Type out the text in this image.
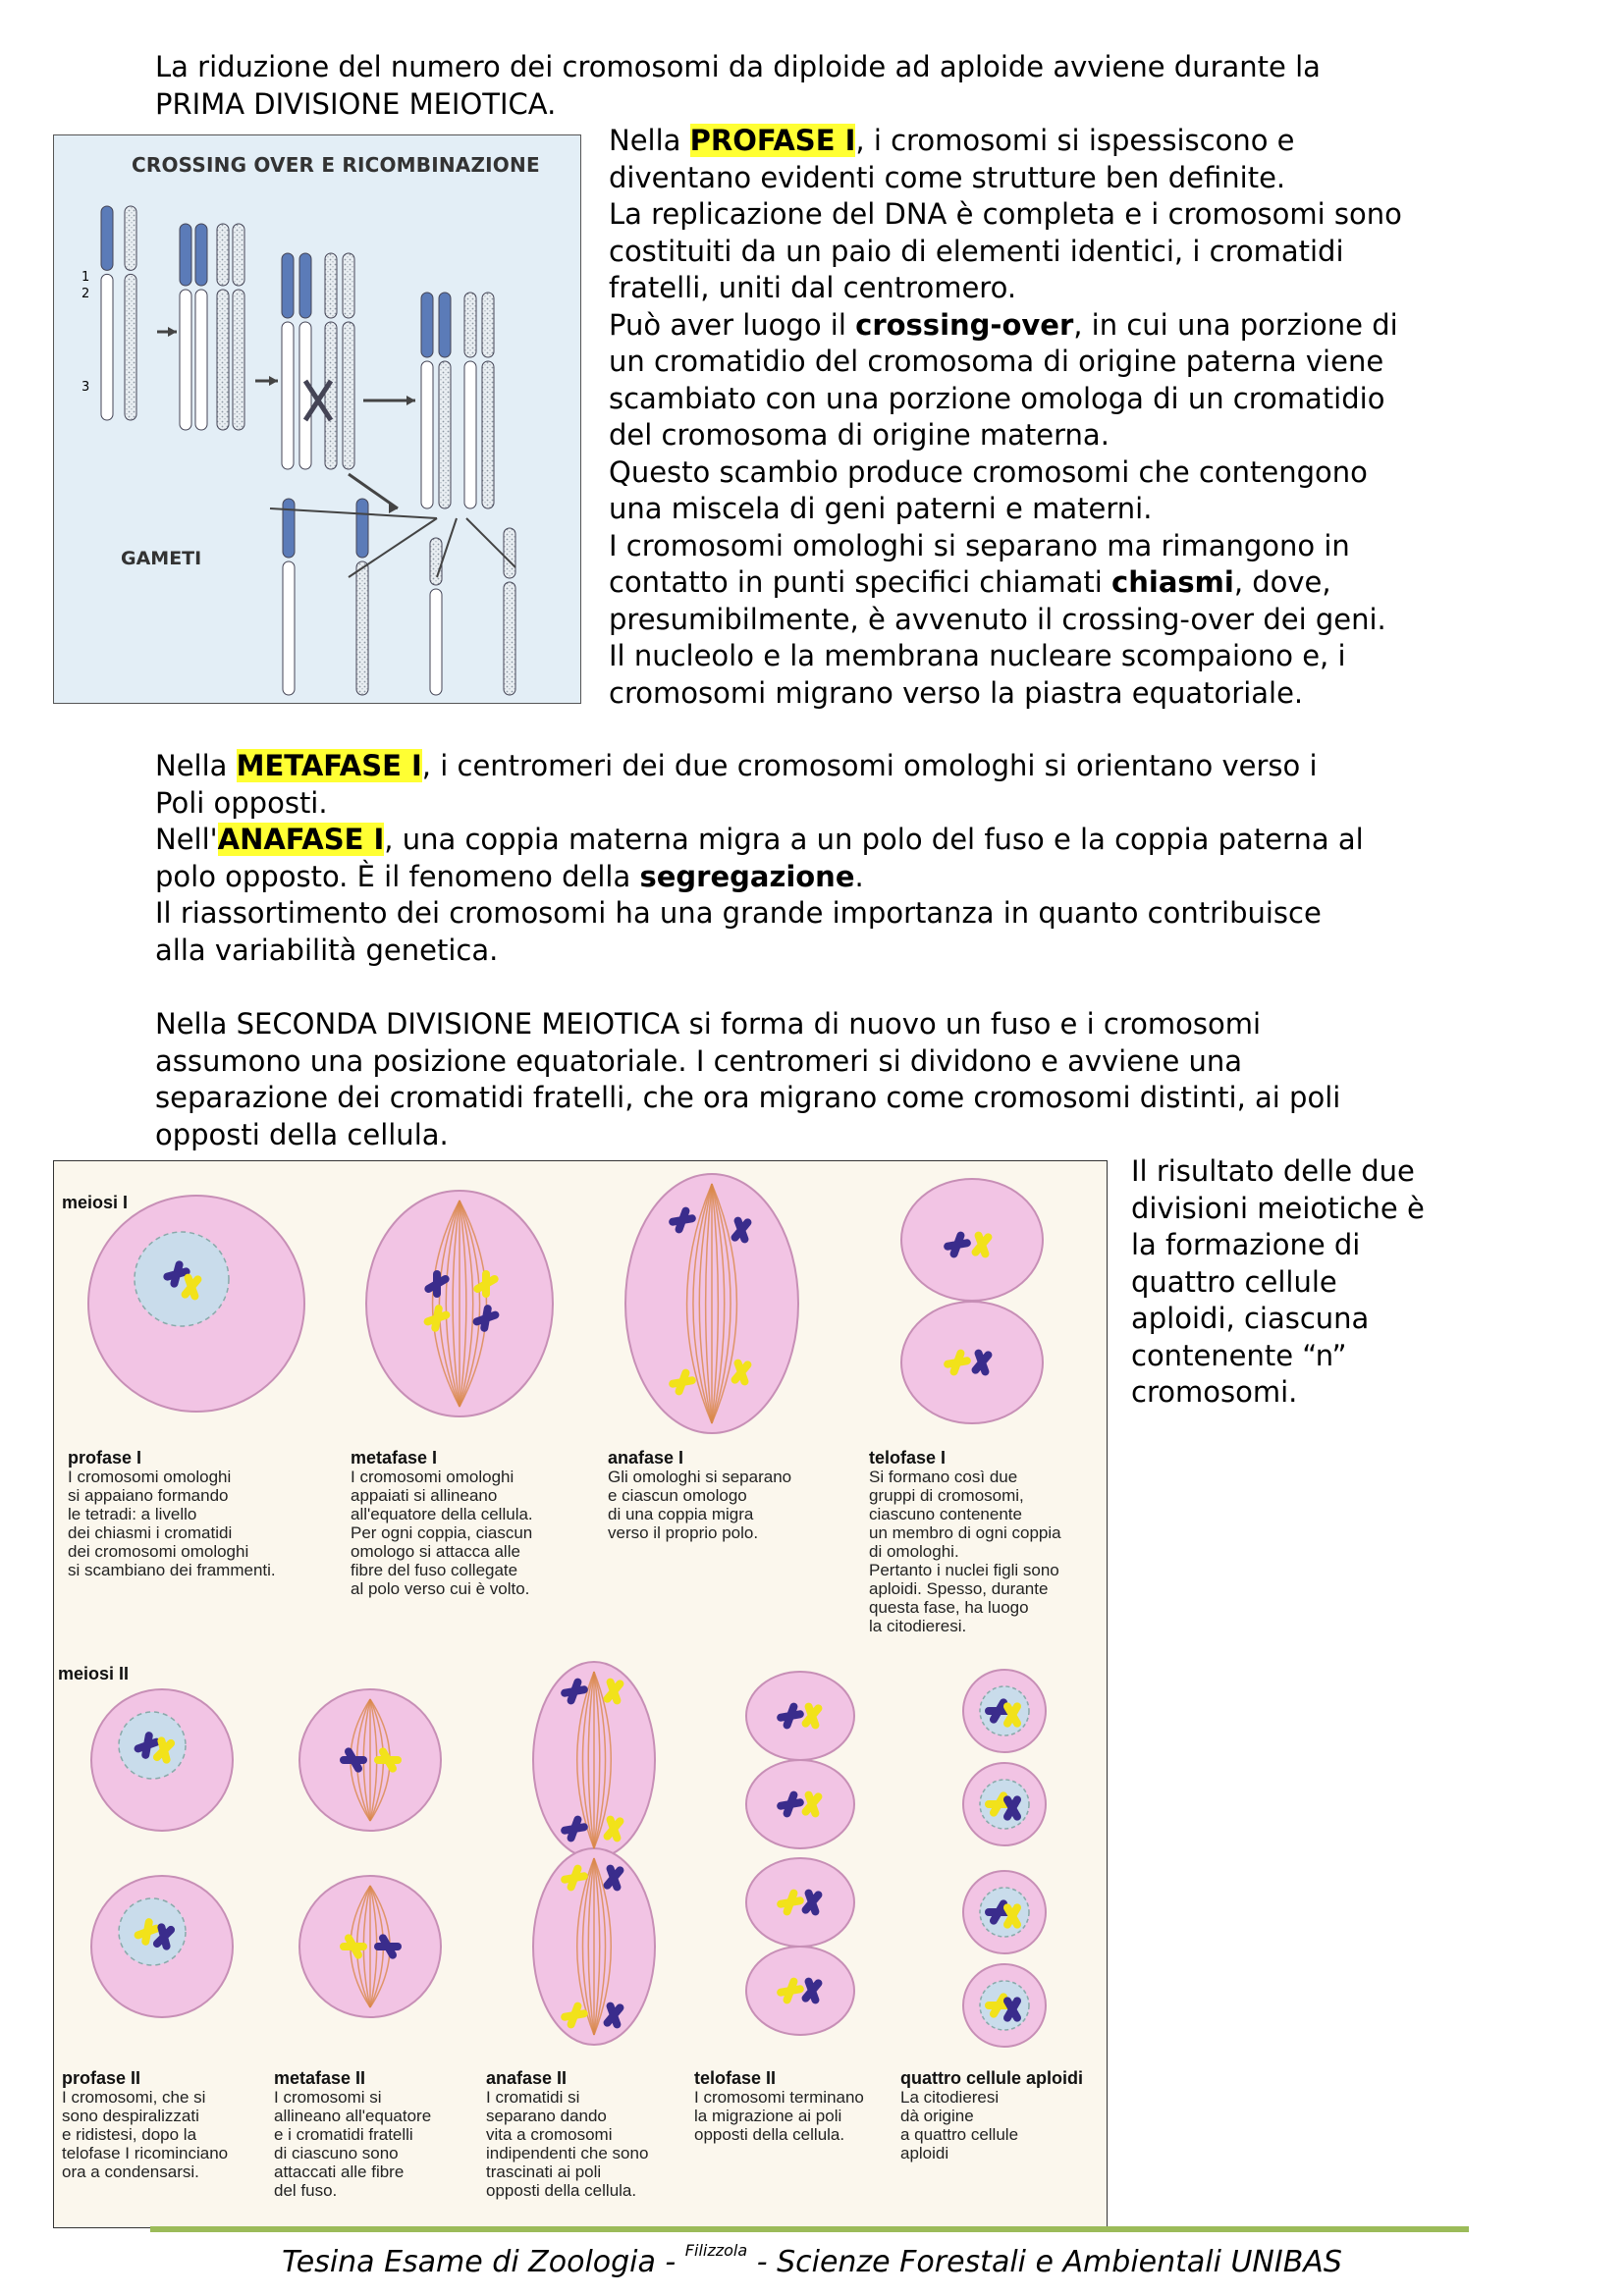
La riduzione del numero dei cromosomi da diploide ad aploide avviene durante la
PRIMA DIVISIONE MEIOTICA.

CROSSING OVER E RICOMBINAZIONE
GAMETI
1
2
3

Nella PROFASE I, i cromosomi si ispessiscono e
diventano evidenti come strutture ben definite.
La replicazione del DNA è completa e i cromosomi sono
costituiti da un paio di elementi identici, i cromatidi
fratelli, uniti dal centromero.
Può aver luogo il crossing-over, in cui una porzione di
un cromatidio del cromosoma di origine paterna viene
scambiato con una porzione omologa di un cromatidio
del cromosoma di origine materna.
Questo scambio produce cromosomi che contengono
una miscela di geni paterni e materni.
I cromosomi omologhi si separano ma rimangono in
contatto in punti specifici chiamati chiasmi, dove,
presumibilmente, è avvenuto il crossing-over dei geni.
Il nucleolo e la membrana nucleare scompaiono e, i
cromosomi migrano verso la piastra equatoriale.

Nella METAFASE I, i centromeri dei due cromosomi omologhi si orientano verso i
Poli opposti.
Nell'ANAFASE I, una coppia materna migra a un polo del fuso e la coppia paterna al
polo opposto. È il fenomeno della segregazione.
Il riassortimento dei cromosomi ha una grande importanza in quanto contribuisce
alla variabilità genetica.

Nella SECONDA DIVISIONE MEIOTICA si forma di nuovo un fuso e i cromosomi
assumono una posizione equatoriale. I centromeri si dividono e avviene una
separazione dei cromatidi fratelli, che ora migrano come cromosomi distinti, ai poli
opposti della cellula.

meiosi I
meiosi II
profase I
I cromosomi omologhi
si appaiano formando
le tetradi: a livello
dei chiasmi i cromatidi
dei cromosomi omologhi
si scambiano dei frammenti.
metafase I
I cromosomi omologhi
appaiati si allineano
all'equatore della cellula.
Per ogni coppia, ciascun
omologo si attacca alle
fibre del fuso collegate
al polo verso cui è volto.
anafase I
Gli omologhi si separano
e ciascun omologo
di una coppia migra
verso il proprio polo.
telofase I
Si formano così due
gruppi di cromosomi,
ciascuno contenente
un membro di ogni coppia
di omologhi.
Pertanto i nuclei figli sono
aploidi. Spesso, durante
questa fase, ha luogo
la citodieresi.
profase II
I cromosomi, che si
sono despiralizzati
e ridistesi, dopo la
telofase I ricominciano
ora a condensarsi.
metafase II
I cromosomi si
allineano all'equatore
e i cromatidi fratelli
di ciascuno sono
attaccati alle fibre
del fuso.
anafase II
I cromatidi si
separano dando
vita a cromosomi
indipendenti che sono
trascinati ai poli
opposti della cellula.
telofase II
I cromosomi terminano
la migrazione ai poli
opposti della cellula.
quattro cellule aploidi
La citodieresi
dà origine
a quattro cellule
aploidi

Il risultato delle due
divisioni meiotiche è
la formazione di
quattro cellule
aploidi, ciascuna
contenente “n”
cromosomi.

Tesina Esame di Zoologia - $^{Filizzola}$ - Scienze Forestali e Ambientali UNIBAS
